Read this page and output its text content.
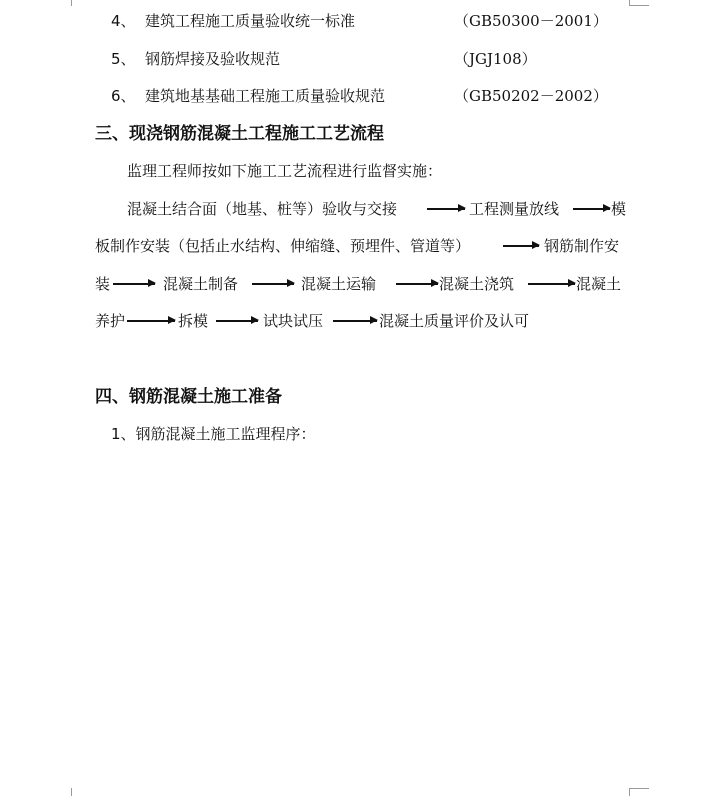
4、 建筑工程施工质量验收统一标准	（GB50300－2001）
5、 钢筋焊接及验收规范	（JGJ108）
6、 建筑地基基础工程施工质量验收规范	（GB50202－2002）
三、现浇钢筋混凝土工程施工工艺流程
监理工程师按如下施工工艺流程进行监督实施：
混凝土结合面（地基、桩等）验收与交接	工程测量放线	模
板制作安装（包括止水结构、伸缩缝、预埋件、管道等）	钢筋制作安
装	混凝土制备	混凝土运输	混凝土浇筑	混凝土
养护	拆模	试块试压	混凝土质量评价及认可
四、钢筋混凝土施工准备
1、钢筋混凝土施工监理程序：
